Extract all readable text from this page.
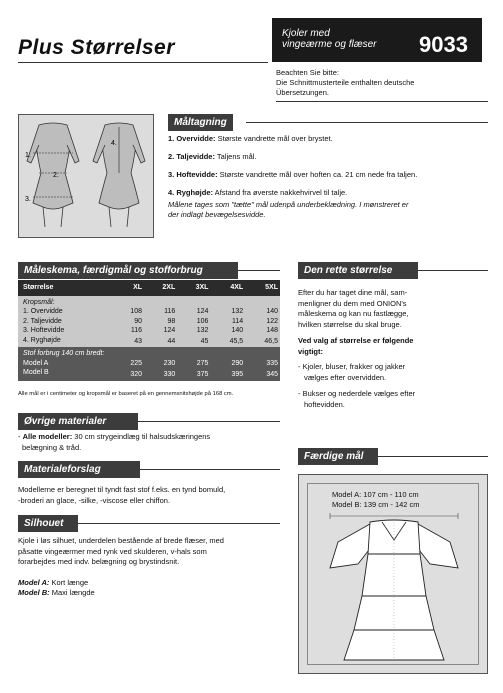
Plus Størrelser
Kjoler med
vingeærme og flæser 9033
Beachten Sie bitte:
Die Schnittmusterteile enthalten deutsche
Übersetzungen.
1.
2.
3.
4.
Måltagning

1. Overvidde: Største vandrette mål over brystet.

2. Taljevidde: Taljens mål.

3. Hoftevidde: Største vandrette mål over hoften ca. 21 cm nede fra taljen.

4. Ryghøjde: Afstand fra øverste nakkehvirvel til talje.

Målene tages som "tætte" mål udenpå underbeklædning. I mønstreret er
der indlagt bevægelsesvidde.
Måleskema, færdigmål og stofforbrug
Størrelse	XL	2XL	3XL	4XL	5XL
Kropsmål:					
1. Overvidde	108	116	124	132	140
2. Taljevidde	90	98	106	114	122
3. Hoftevidde	116	124	132	140	148
4. Ryghøjde	43	44	45	45,5	46,5
Stof forbrug 140 cm bredt:					
Model A	225	230	275	290	335
Model B	320	330	375	395	345
Alle mål er i centimeter og kropsmål er baseret på en gennemsnitshøjde på 168 cm.
Øvrige materialer
- Alle modeller: 30 cm strygeindlæg til halsudskæringens
belægning & tråd.
Materialeforslag
Modellerne er beregnet til tyndt fast stof f.eks. en tynd bomuld,
-broderi an glace, -silke, -viscose eller chiffon.
Silhouet
Kjole i løs silhuet, underdelen bestående af brede flæser, med
påsatte vingeærmer med rynk ved skulderen, v-hals som
forarbejdes med indv. belægning og brystindsnit.
Model A: Kort længe
Model B: Maxi længde
Den rette størrelse
Efter du har taget dine mål, sam-
menligner du dem med ONION's
måleskema og kan nu fastlægge,
hvilken størrelse du skal bruge.
Ved valg af størrelse er følgende
vigtigt:
- Kjoler, bluser, frakker og jakker
vælges efter overvidden.
- Bukser og nederdele vælges efter
hoftevidden.
Færdige mål
Model A: 107 cm - 110 cm
Model B: 139 cm - 142 cm
